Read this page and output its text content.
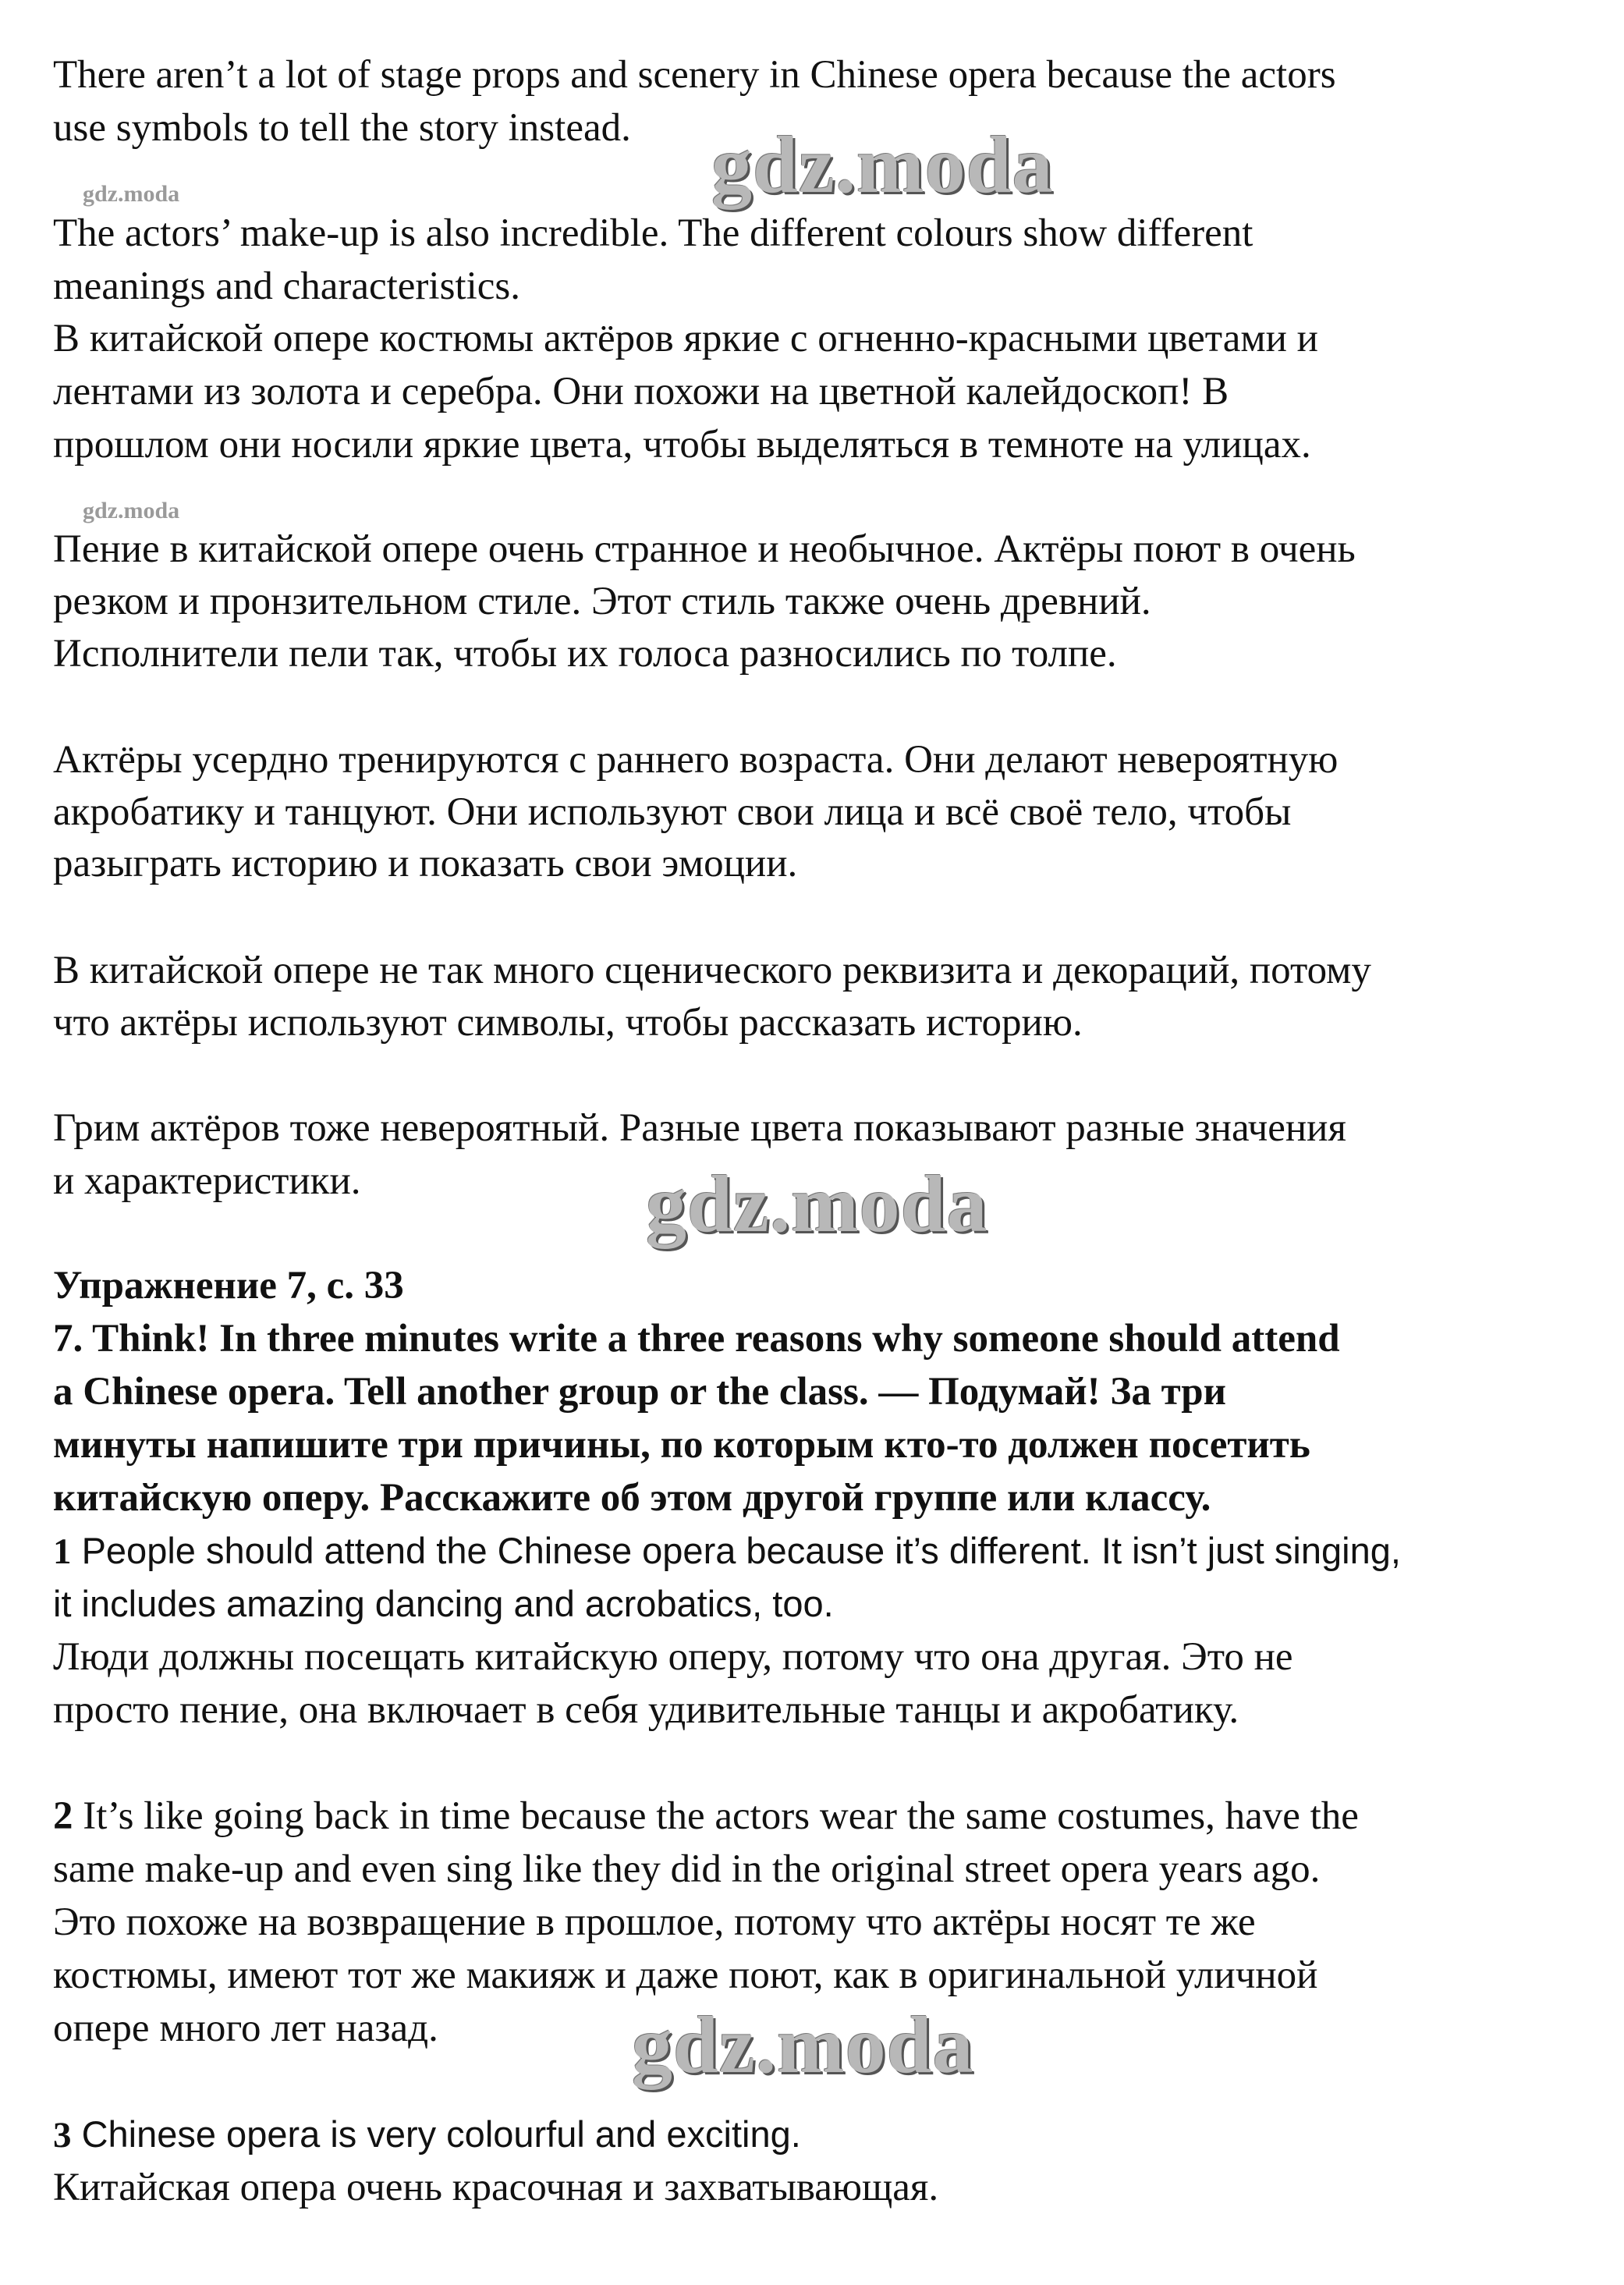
There aren’t a lot of stage props and scenery in Chinese opera because the actors
use symbols to tell the story instead. gdz.moda
gdz.moda
The actors’ make-up is also incredible. The different colours show different
meanings and characteristics.
В китайской опере костюмы актёров яркие с огненно-красными цветами и
лентами из золота и серебра. Они похожи на цветной калейдоскоп! В
прошлом они носили яркие цвета, чтобы выделяться в темноте на улицах.
gdz.moda
Пение в китайской опере очень странное и необычное. Актёры поют в очень
резком и пронзительном стиле. Этот стиль также очень древний.
Исполнители пели так, чтобы их голоса разносились по толпе.
Актёры усердно тренируются с раннего возраста. Они делают невероятную
акробатику и танцуют. Они используют свои лица и всё своё тело, чтобы
разыграть историю и показать свои эмоции.
В китайской опере не так много сценического реквизита и декораций, потому
что актёры используют символы, чтобы рассказать историю.
Грим актёров тоже невероятный. Разные цвета показывают разные значения
и характеристики.	gdz.moda
Упражнение 7, с. 33
7. Think! In three minutes write a three reasons why someone should attend
a Chinese opera. Tell another group or the class. — Подумай! За три
минуты напишите три причины, по которым кто-то должен посетить
китайскую оперу. Расскажите об этом другой группе или классу.
1 People should attend the Chinese opera because it’s different. It isn’t just singing,
it includes amazing dancing and acrobatics, too.
Люди должны посещать китайскую оперу, потому что она другая. Это не
просто пение, она включает в себя удивительные танцы и акробатику.
2 It’s like going back in time because the actors wear the same costumes, have the
same make-up and even sing like they did in the original street opera years ago.
Это похоже на возвращение в прошлое, потому что актёры носят те же
костюмы, имеют тот же макияж и даже поют, как в оригинальной уличной
опере много лет назад. gdz.moda
3 Chinese opera is very colourful and exciting.
Китайская опера очень красочная и захватывающая.
